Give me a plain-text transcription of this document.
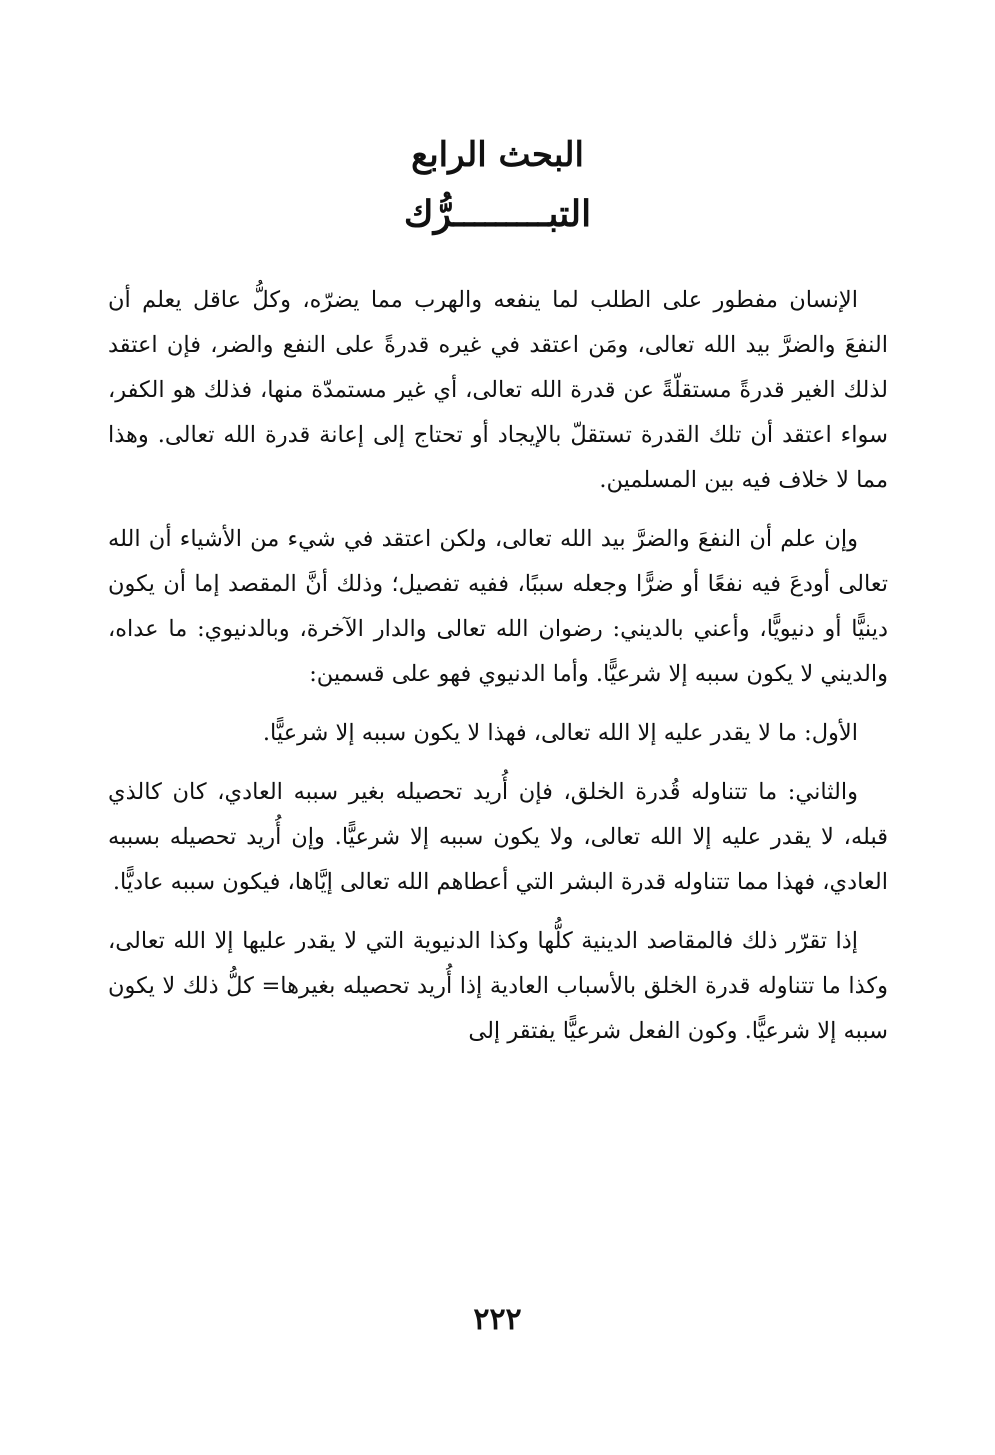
البحث الرابع
التبـــــــــرُّك

الإنسان مفطور على الطلب لما ينفعه والهرب مما يضرّه، وكلُّ عاقل يعلم أن النفعَ والضرَّ بيد الله تعالى، ومَن اعتقد في غيره قدرةً على النفع والضر، فإن اعتقد لذلك الغير قدرةً مستقلّةً عن قدرة الله تعالى، أي غير مستمدّة منها، فذلك هو الكفر، سواء اعتقد أن تلك القدرة تستقلّ بالإيجاد أو تحتاج إلى إعانة قدرة الله تعالى. وهذا مما لا خلاف فيه بين المسلمين.

وإن علم أن النفعَ والضرَّ بيد الله تعالى، ولكن اعتقد في شيء من الأشياء أن الله تعالى أودعَ فيه نفعًا أو ضرًّا وجعله سببًا، ففيه تفصيل؛ وذلك أنَّ المقصد إما أن يكون دينيًّا أو دنيويًّا، وأعني بالديني: رضوان الله تعالى والدار الآخرة، وبالدنيوي: ما عداه، والديني لا يكون سببه إلا شرعيًّا. وأما الدنيوي فهو على قسمين:

الأول: ما لا يقدر عليه إلا الله تعالى، فهذا لا يكون سببه إلا شرعيًّا.

والثاني: ما تتناوله قُدرة الخلق، فإن أُريد تحصيله بغير سببه العادي، كان كالذي قبله، لا يقدر عليه إلا الله تعالى، ولا يكون سببه إلا شرعيًّا. وإن أُريد تحصيله بسببه العادي، فهذا مما تتناوله قدرة البشر التي أعطاهم الله تعالى إيَّاها، فيكون سببه عاديًّا.

إذا تقرّر ذلك فالمقاصد الدينية كلُّها وكذا الدنيوية التي لا يقدر عليها إلا الله تعالى، وكذا ما تتناوله قدرة الخلق بالأسباب العادية إذا أُريد تحصيله بغيرها= كلُّ ذلك لا يكون سببه إلا شرعيًّا. وكون الفعل شرعيًّا يفتقر إلى

٢٢٢
